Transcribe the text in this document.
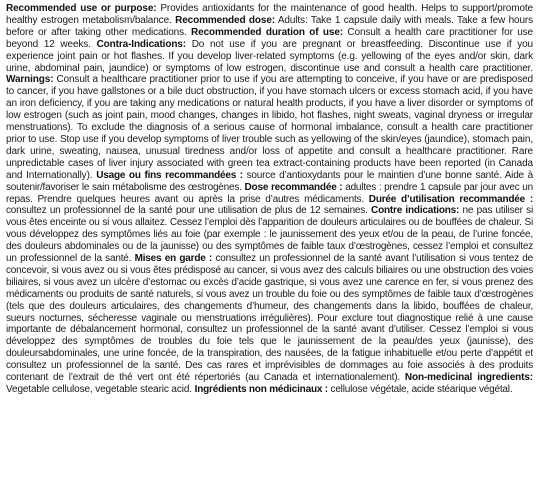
Recommended use or purpose: Provides antioxidants for the maintenance of good health. Helps to support/promote healthy estrogen metabolism/balance. Recommended dose: Adults: Take 1 capsule daily with meals. Take a few hours before or after taking other medications. Recommended duration of use: Consult a health care practitioner for use beyond 12 weeks. Contra-Indications: Do not use if you are pregnant or breastfeeding. Discontinue use if you experience joint pain or hot flashes. If you develop liver-related symptoms (e.g. yellowing of the eyes and/or skin, dark urine, abdominal pain, jaundice) or symptoms of low estrogen, discontinue use and consult a health care practitioner. Warnings: Consult a healthcare practitioner prior to use if you are attempting to conceive, if you have or are predisposed to cancer, if you have gallstones or a bile duct obstruction, if you have stomach ulcers or excess stomach acid, if you have an iron deficiency, if you are taking any medications or natural health products, if you have a liver disorder or symptoms of low estrogen (such as joint pain, mood changes, changes in libido, hot flashes, night sweats, vaginal dryness or irregular menstruations). To exclude the diagnosis of a serious cause of hormonal imbalance, consult a health care practitioner prior to use. Stop use if you develop symptoms of liver trouble such as yellowing of the skin/eyes (jaundice), stomach pain, dark urine, sweating, nausea, unusual tiredness and/or loss of appetite and consult a healthcare practitioner. Rare unpredictable cases of liver injury associated with green tea extract-containing products have been reported (in Canada and Internationally). Usage ou fins recommandées : source d’antioxydants pour le maintien d’une bonne santé. Aide à soutenir/favoriser le sain métabolisme des œstrogènes. Dose recommandée : adultes : prendre 1 capsule par jour avec un repas. Prendre quelques heures avant ou après la prise d’autres médicaments. Durée d’utilisation recommandée : consultez un professionnel de la santé pour une utilisation de plus de 12 semaines. Contre indications: ne pas utiliser si vous êtes enceinte ou si vous allaitez. Cessez l’emploi dès l’apparition de douleurs articulaires ou de bouffées de chaleur. Si vous développez des symptômes liés au foie (par exemple : le jaunissement des yeux et/ou de la peau, de l’urine foncée, des douleurs abdominales ou de la jaunisse) ou des symptômes de faible taux d’œstrogènes, cessez l’emploi et consultez un professionnel de la santé. Mises en garde : consultez un professionnel de la santé avant l’utilisation si vous tentez de concevoir, si vous avez ou si vous êtes prédisposé au cancer, si vous avez des calculs biliaires ou une obstruction des voies biliaires, si vous avez un ulcère d’estomac ou excès d’acide gastrique, si vous avez une carence en fer, si vous prenez des médicaments ou produits de santé naturels, si vous avez un trouble du foie ou des symptômes de faible taux d’œstrogènes (tels que des douleurs articulaires, des changements d’humeur, des changements dans la libido, bouffées de chaleur, sueurs nocturnes, sécheresse vaginale ou menstruations irrégulières). Pour exclure tout diagnostique relié à une cause importante de débalancement hormonal, consultez un professionnel de la santé avant d’utiliser. Cessez l’emploi si vous développez des symptômes de troubles du foie tels que le jaunissement de la peau/des yeux (jaunisse), des douleursabdominales, une urine foncée, de la transpiration, des nausées, de la fatigue inhabituelle et/ou perte d’appétit et consultez un professionnel de la santé. Des cas rares et imprévisibles de dommages au foie associés à des produits contenant de l’extrait de thé vert ont été répertoriés (au Canada et internationalement). Non-medicinal ingredients: Vegetable cellulose, vegetable stearic acid. Ingrédients non médicinaux : cellulose végétale, acide stéarique végétal.
